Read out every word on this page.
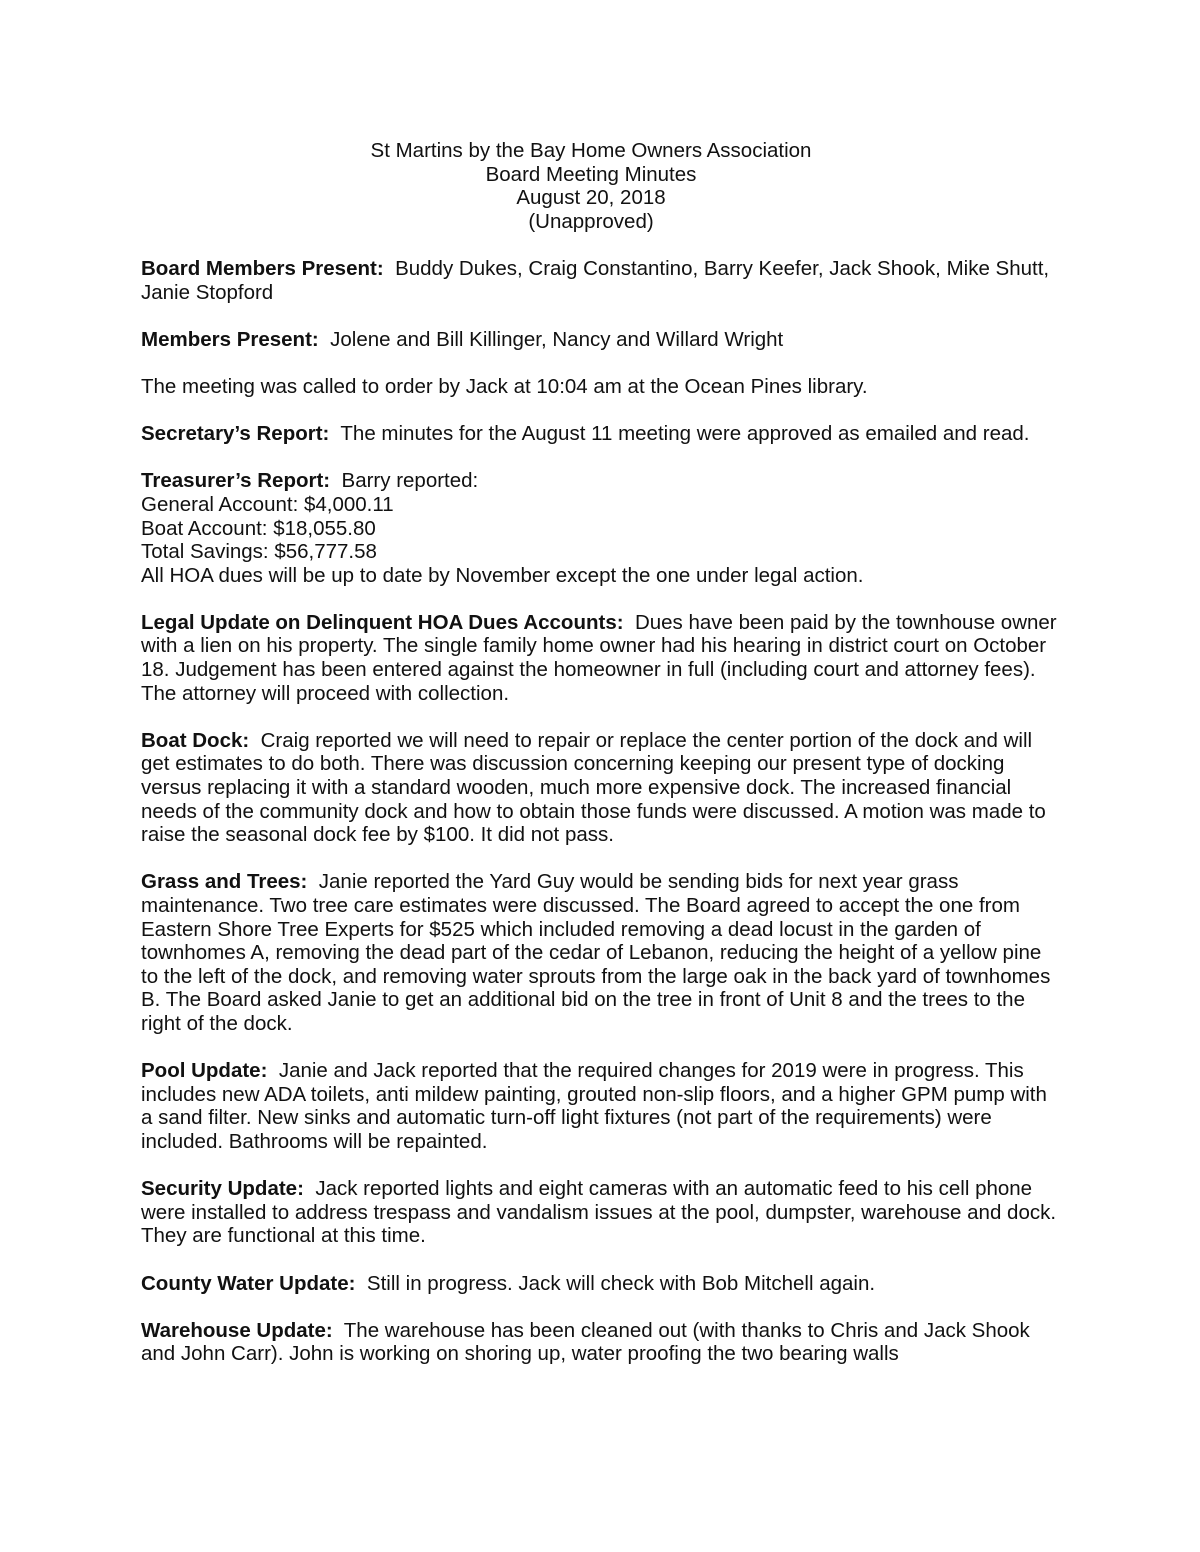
St Martins by the Bay Home Owners Association
Board Meeting Minutes
August 20, 2018
(Unapproved)

Board Members Present: Buddy Dukes, Craig Constantino, Barry Keefer, Jack Shook, Mike Shutt, Janie Stopford

Members Present: Jolene and Bill Killinger, Nancy and Willard Wright

The meeting was called to order by Jack at 10:04 am at the Ocean Pines library.

Secretary’s Report: The minutes for the August 11 meeting were approved as emailed and read.

Treasurer’s Report: Barry reported:
General Account: $4,000.11
Boat Account: $18,055.80
Total Savings: $56,777.58
All HOA dues will be up to date by November except the one under legal action.

Legal Update on Delinquent HOA Dues Accounts: Dues have been paid by the townhouse owner with a lien on his property. The single family home owner had his hearing in district court on October 18. Judgement has been entered against the homeowner in full (including court and attorney fees). The attorney will proceed with collection.

Boat Dock: Craig reported we will need to repair or replace the center portion of the dock and will get estimates to do both. There was discussion concerning keeping our present type of docking versus replacing it with a standard wooden, much more expensive dock. The increased financial needs of the community dock and how to obtain those funds were discussed. A motion was made to raise the seasonal dock fee by $100. It did not pass.

Grass and Trees: Janie reported the Yard Guy would be sending bids for next year grass maintenance. Two tree care estimates were discussed. The Board agreed to accept the one from Eastern Shore Tree Experts for $525 which included removing a dead locust in the garden of townhomes A, removing the dead part of the cedar of Lebanon, reducing the height of a yellow pine to the left of the dock, and removing water sprouts from the large oak in the back yard of townhomes B. The Board asked Janie to get an additional bid on the tree in front of Unit 8 and the trees to the right of the dock.

Pool Update: Janie and Jack reported that the required changes for 2019 were in progress. This includes new ADA toilets, anti mildew painting, grouted non-slip floors, and a higher GPM pump with a sand filter. New sinks and automatic turn-off light fixtures (not part of the requirements) were included. Bathrooms will be repainted.

Security Update: Jack reported lights and eight cameras with an automatic feed to his cell phone were installed to address trespass and vandalism issues at the pool, dumpster, warehouse and dock. They are functional at this time.

County Water Update: Still in progress. Jack will check with Bob Mitchell again.

Warehouse Update: The warehouse has been cleaned out (with thanks to Chris and Jack Shook and John Carr). John is working on shoring up, water proofing the two bearing walls
